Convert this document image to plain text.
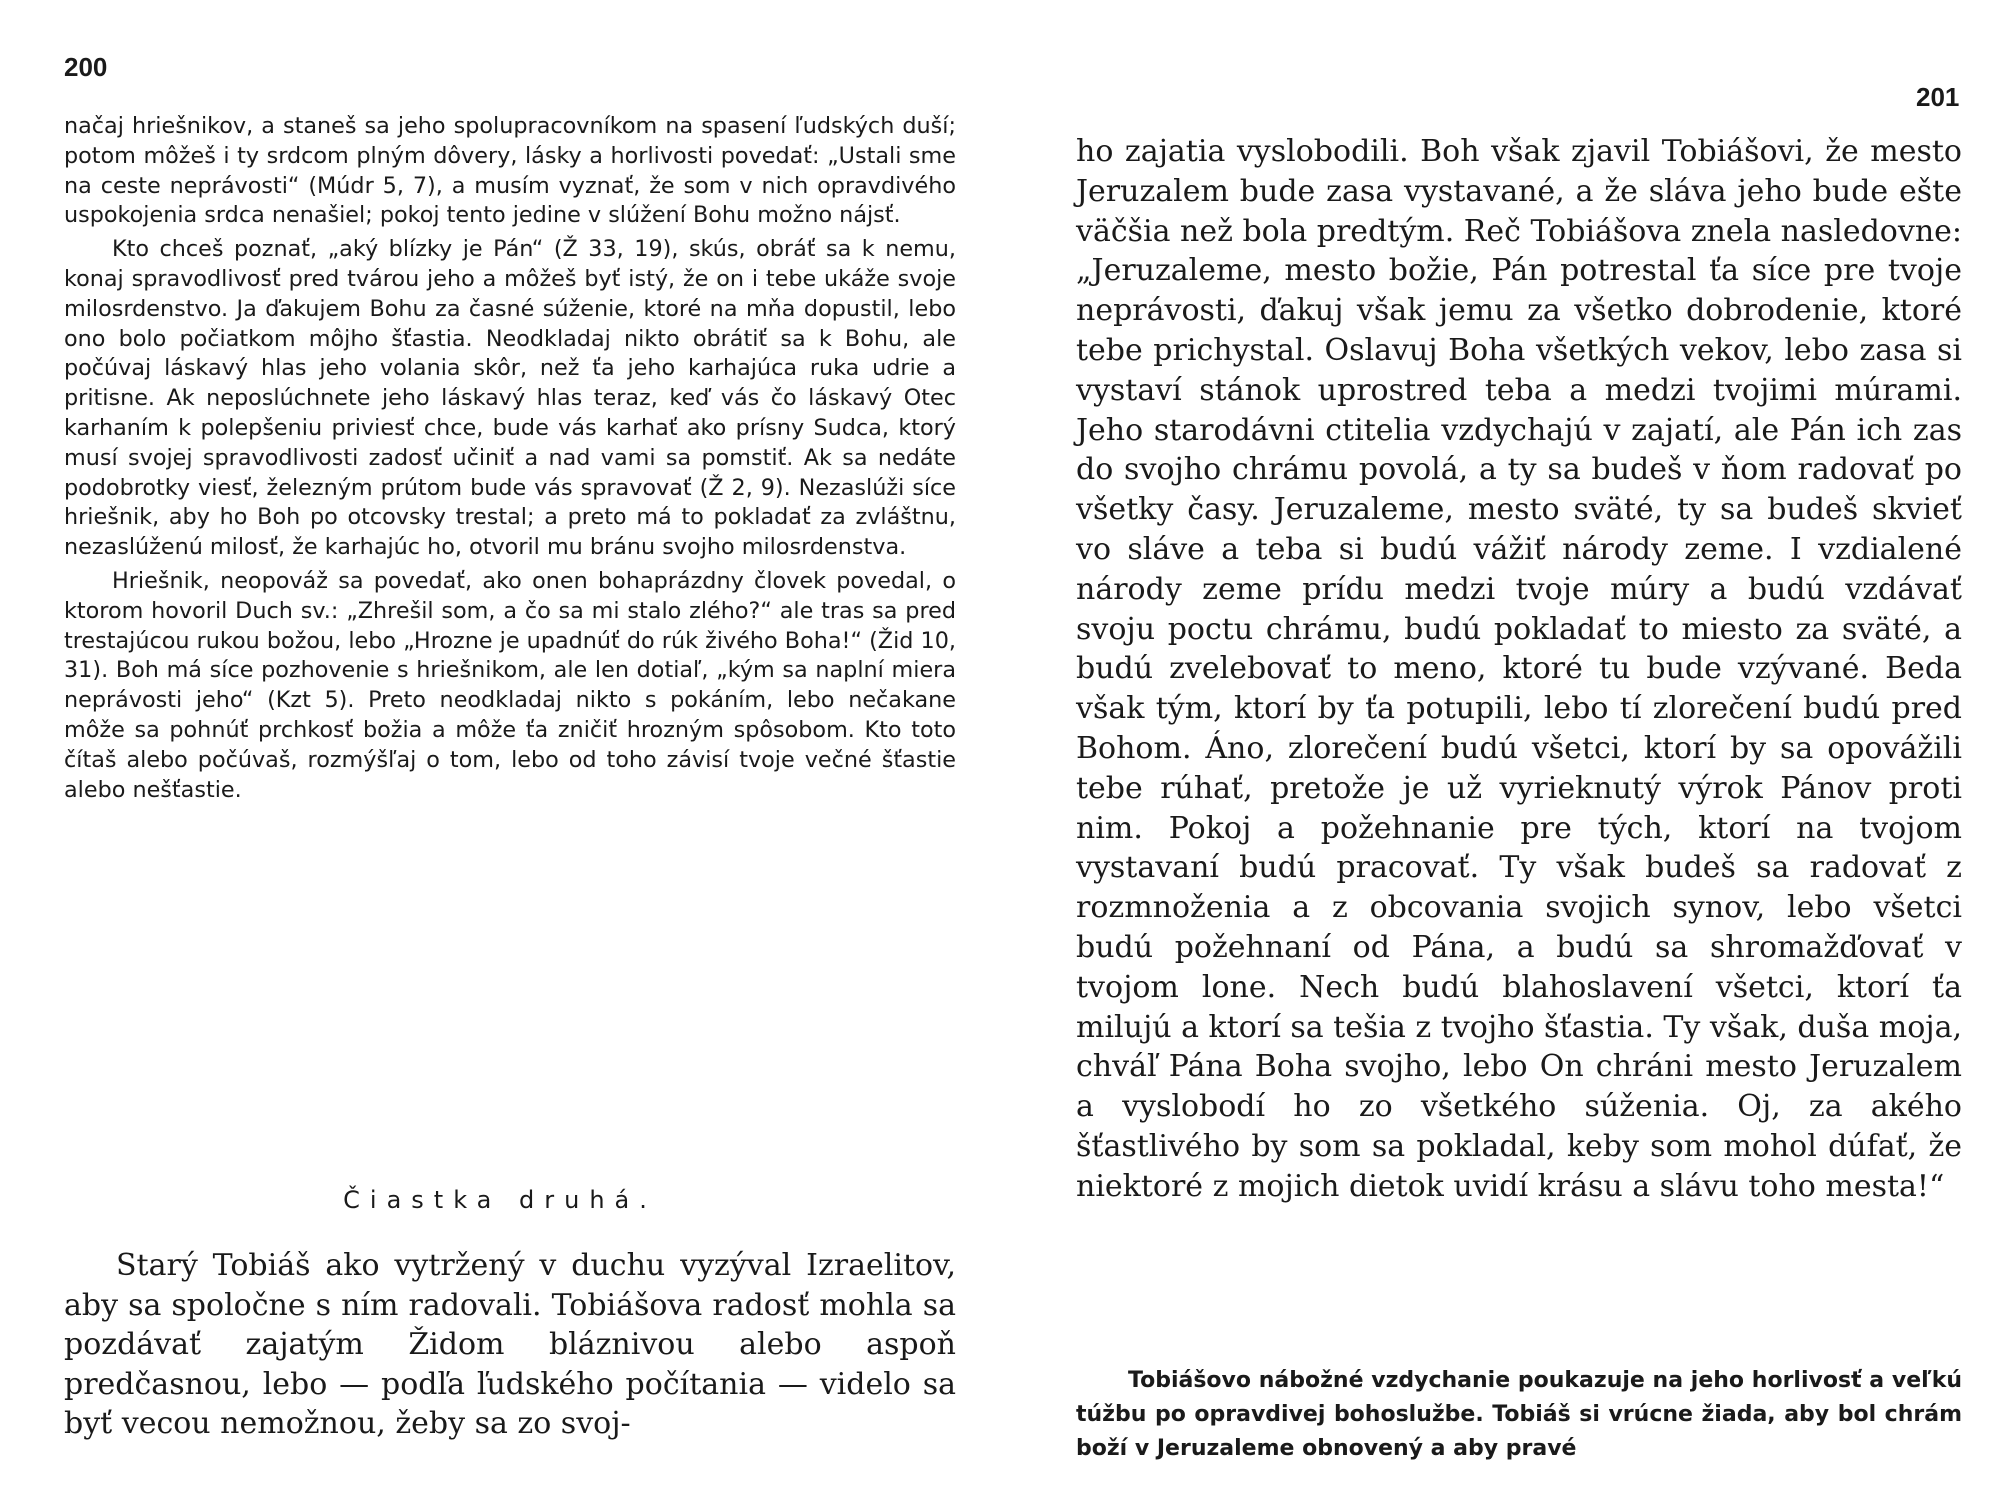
200

načaj hriešnikov, a staneš sa jeho spolupracovníkom na spasení ľudských duší; potom môžeš i ty srdcom plným dôvery, lásky a horlivosti povedať: „Ustali sme na ceste neprávosti“ (Múdr 5, 7), a musím vyznať, že som v nich opravdivého uspokojenia srdca nenašiel; pokoj tento jedine v slúžení Bohu možno nájsť.

Kto chceš poznať, „aký blízky je Pán“ (Ž 33, 19), skús, obráť sa k nemu, konaj spravodlivosť pred tvárou jeho a môžeš byť istý, že on i tebe ukáže svoje milosrdenstvo. Ja ďakujem Bohu za časné súženie, ktoré na mňa dopustil, lebo ono bolo počiatkom môjho šťastia. Neodkladaj nikto obrátiť sa k Bohu, ale počúvaj láskavý hlas jeho volania skôr, než ťa jeho karhajúca ruka udrie a pritisne. Ak neposlúchnete jeho láskavý hlas teraz, keď vás čo láskavý Otec karhaním k polepšeniu priviesť chce, bude vás karhať ako prísny Sudca, ktorý musí svojej spravodlivosti zadosť učiniť a nad vami sa pomstiť. Ak sa nedáte podobrotky viesť, železným prútom bude vás spravovať (Ž 2, 9). Nezaslúži síce hriešnik, aby ho Boh po otcovsky trestal; a preto má to pokladať za zvláštnu, nezaslúženú milosť, že karhajúc ho, otvoril mu bránu svojho milosrdenstva.

Hriešnik, neopováž sa povedať, ako onen bohaprázdny človek povedal, o ktorom hovoril Duch sv.: „Zhrešil som, a čo sa mi stalo zlého?“ ale tras sa pred trestajúcou rukou božou, lebo „Hrozne je upadnúť do rúk živého Boha!“ (Žid 10, 31). Boh má síce pozhovenie s hriešnikom, ale len dotiaľ, „kým sa naplní miera neprávosti jeho“ (Kzt 5). Preto neodkladaj nikto s pokáním, lebo nečakane môže sa pohnúť prchkosť božia a môže ťa zničiť hrozným spôsobom. Kto toto čítaš alebo počúvaš, rozmýšľaj o tom, lebo od toho závisí tvoje večné šťastie alebo nešťastie.

Čiastka druhá.

Starý Tobiáš ako vytržený v duchu vyzýval Izraelitov, aby sa spoločne s ním radovali. Tobiášova radosť mohla sa pozdávať zajatým Židom bláznivou alebo aspoň predčasnou, lebo — podľa ľudského počítania — videlo sa byť vecou nemožnou, žeby sa zo svoj-

201

ho zajatia vyslobodili. Boh však zjavil Tobiášovi, že mesto Jeruzalem bude zasa vystavané, a že sláva jeho bude ešte väčšia než bola predtým. Reč Tobiášova znela nasledovne: „Jeruzaleme, mesto božie, Pán potrestal ťa síce pre tvoje neprávosti, ďakuj však jemu za všetko dobrodenie, ktoré tebe prichystal. Oslavuj Boha všetkých vekov, lebo zasa si vystaví stánok uprostred teba a medzi tvojimi múrami. Jeho starodávni ctitelia vzdychajú v zajatí, ale Pán ich zas do svojho chrámu povolá, a ty sa budeš v ňom radovať po všetky časy. Jeruzaleme, mesto sväté, ty sa budeš skvieť vo sláve a teba si budú vážiť národy zeme. I vzdialené národy zeme prídu medzi tvoje múry a budú vzdávať svoju poctu chrámu, budú pokladať to miesto za sväté, a budú zvelebovať to meno, ktoré tu bude vzývané. Beda však tým, ktorí by ťa potupili, lebo tí zlorečení budú pred Bohom. Áno, zlorečení budú všetci, ktorí by sa opovážili tebe rúhať, pretože je už vyrieknutý výrok Pánov proti nim. Pokoj a požehnanie pre tých, ktorí na tvojom vystavaní budú pracovať. Ty však budeš sa radovať z rozmnoženia a z obcovania svojich synov, lebo všetci budú požehnaní od Pána, a budú sa shromažďovať v tvojom lone. Nech budú blahoslavení všetci, ktorí ťa milujú a ktorí sa tešia z tvojho šťastia. Ty však, duša moja, chváľ Pána Boha svojho, lebo On chráni mesto Jeruzalem a vyslobodí ho zo všetkého súženia. Oj, za akého šťastlivého by som sa pokladal, keby som mohol dúfať, že niektoré z mojich dietok uvidí krásu a slávu toho mesta!“

Tobiášovo nábožné vzdychanie poukazuje na jeho horlivosť a veľkú túžbu po opravdivej bohoslužbe. Tobiáš si vrúcne žiada, aby bol chrám boží v Jeruzaleme obnovený a aby pravé
